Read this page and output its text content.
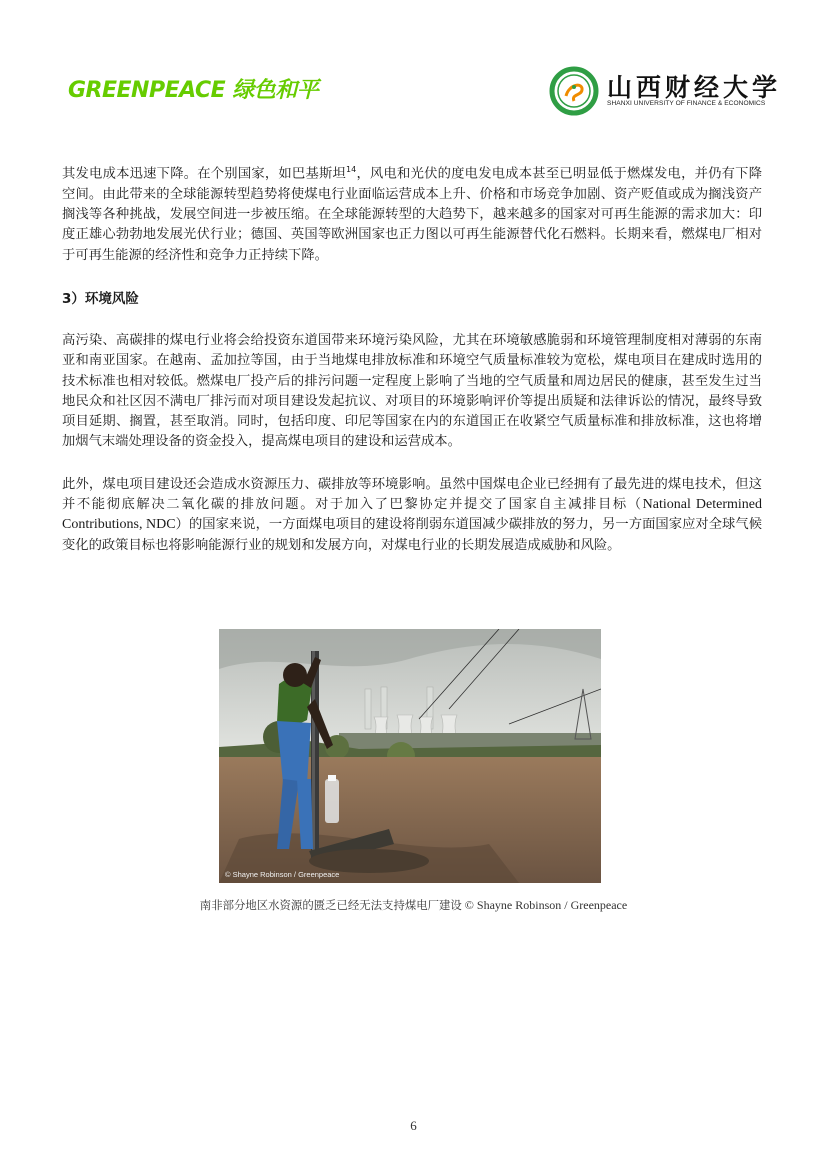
GREENPEACE 绿色和平	山西财经大学
SHANXI UNIVERSITY OF FINANCE & ECONOMICS

其发电成本迅速下降。在个别国家，如巴基斯坦$^{14}$，风电和光伏的度电发电成本甚至已明显低于燃煤发电，并仍有下降空间。由此带来的全球能源转型趋势将使煤电行业面临运营成本上升、价格和市场竞争加剧、资产贬值或成为搁浅资产搁浅等各种挑战，发展空间进一步被压缩。在全球能源转型的大趋势下，越来越多的国家对可再生能源的需求加大：印度正雄心勃勃地发展光伏行业；德国、英国等欧洲国家也正力图以可再生能源替代化石燃料。长期来看，燃煤电厂相对于可再生能源的经济性和竞争力正持续下降。

3）环境风险

高污染、高碳排的煤电行业将会给投资东道国带来环境污染风险，尤其在环境敏感脆弱和环境管理制度相对薄弱的东南亚和南亚国家。在越南、孟加拉等国，由于当地煤电排放标准和环境空气质量标准较为宽松，煤电项目在建成时选用的技术标准也相对较低。燃煤电厂投产后的排污问题一定程度上影响了当地的空气质量和周边居民的健康，甚至发生过当地民众和社区因不满电厂排污而对项目建设发起抗议、对项目的环境影响评价等提出质疑和法律诉讼的情况，最终导致项目延期、搁置，甚至取消。同时，包括印度、印尼等国家在内的东道国正在收紧空气质量标准和排放标准，这也将增加烟气末端处理设备的资金投入，提高煤电项目的建设和运营成本。

此外，煤电项目建设还会造成水资源压力、碳排放等环境影响。虽然中国煤电企业已经拥有了最先进的煤电技术，但这并不能彻底解决二氧化碳的排放问题。对于加入了巴黎协定并提交了国家自主减排目标（National Determined Contributions, NDC）的国家来说，一方面煤电项目的建设将削弱东道国减少碳排放的努力，另一方面国家应对全球气候变化的政策目标也将影响能源行业的规划和发展方向，对煤电行业的长期发展造成威胁和风险。

© Shayne Robinson / Greenpeace
南非部分地区水资源的匮乏已经无法支持煤电厂建设 © Shayne Robinson / Greenpeace
6
